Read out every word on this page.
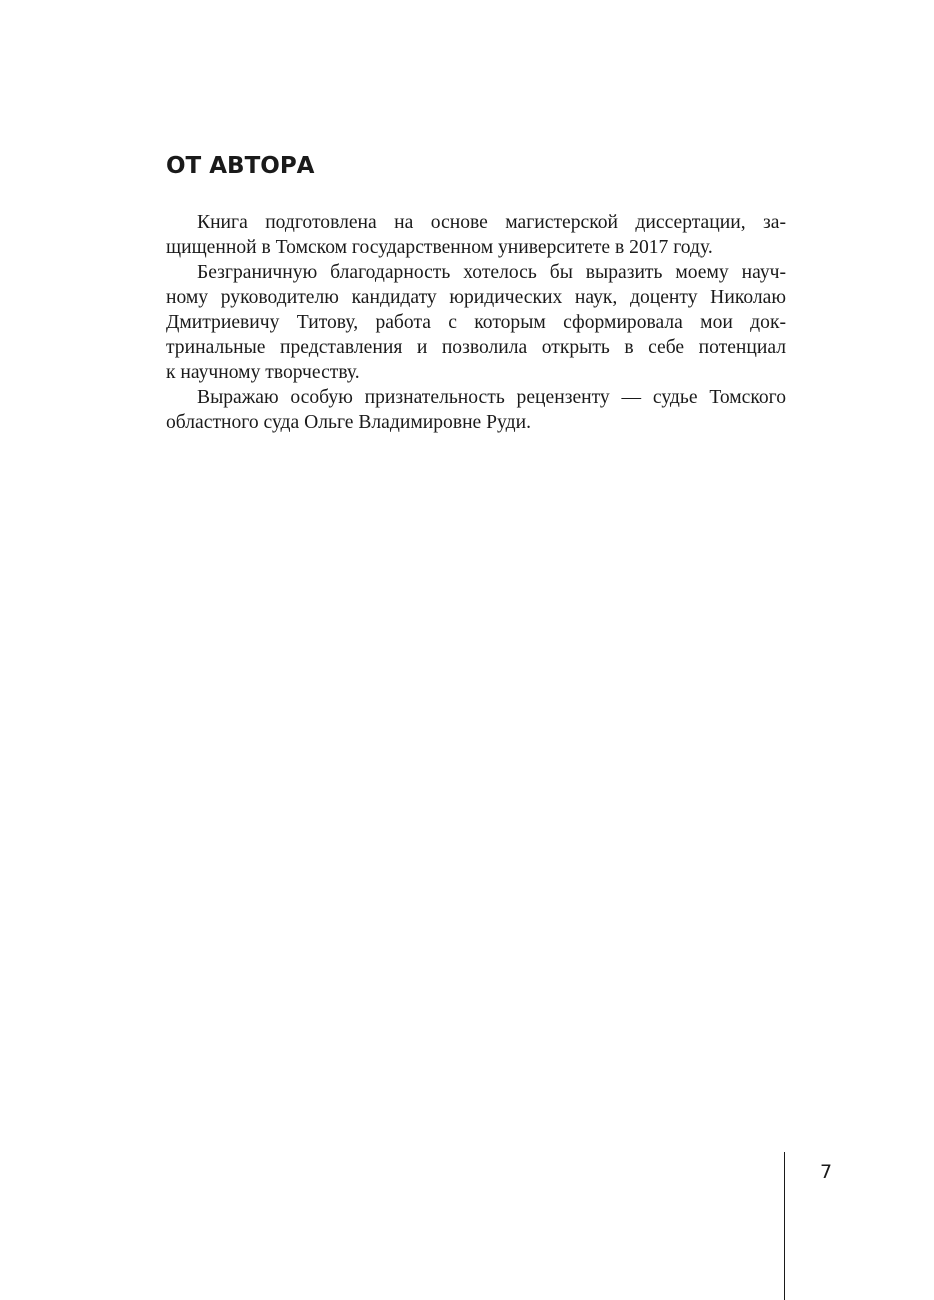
ОТ АВТОРА
Книга подготовлена на основе магистерской диссертации, за-
щищенной в Томском государственном университете в 2017 году.
Безграничную благодарность хотелось бы выразить моему науч-
ному руководителю кандидату юридических наук, доценту Николаю
Дмитриевичу Титову, работа с которым сформировала мои док-
тринальные представления и позволила открыть в себе потенциал
к научному творчеству.
Выражаю особую признательность рецензенту — судье Томского
областного суда Ольге Владимировне Руди.
7
